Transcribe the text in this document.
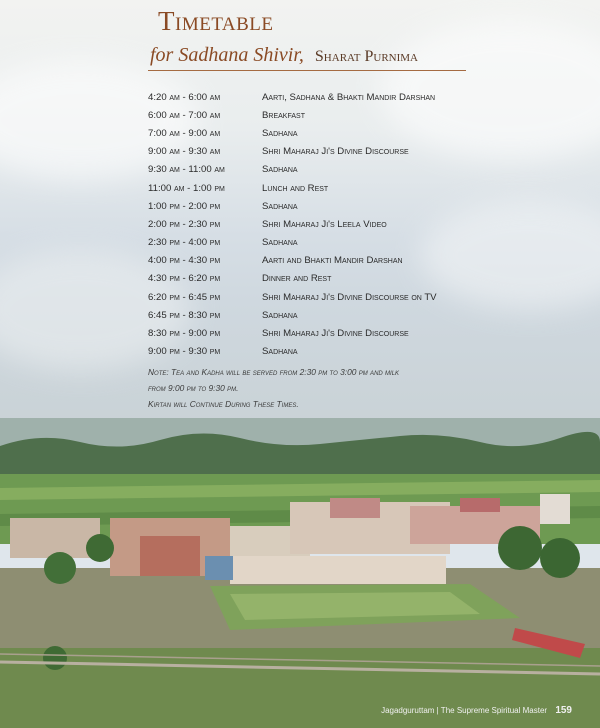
Timetable
for Sadhana Shivir, Sharat Purnima
4:20 am - 6:00 am	Aarti, Sadhana & Bhakti Mandir Darshan
6:00 am - 7:00 am	Breakfast
7:00 am - 9:00 am	Sadhana
9:00 am - 9:30 am	Shri Maharaj Ji's Divine Discourse
9:30 am - 11:00 am	Sadhana
11:00 am - 1:00 pm	Lunch and Rest
1:00 pm - 2:00 pm	Sadhana
2:00 pm - 2:30 pm	Shri Maharaj Ji's Leela Video
2:30 pm - 4:00 pm	Sadhana
4:00 pm - 4:30 pm	Aarti and Bhakti Mandir Darshan
4:30 pm - 6:20 pm	Dinner and Rest
6:20 pm - 6:45 pm	Shri Maharaj Ji's Divine Discourse on TV
6:45 pm - 8:30 pm	Sadhana
8:30 pm - 9:00 pm	Shri Maharaj Ji's Divine Discourse
9:00 pm - 9:30 pm	Sadhana
Note: Tea and Kadha will be served from 2:30 pm to 3:00 pm and milk
from 9:00 pm to 9:30 pm.
Kirtan will Continue During These Times.
Jagadguruttam | The Supreme Spiritual Master 159
